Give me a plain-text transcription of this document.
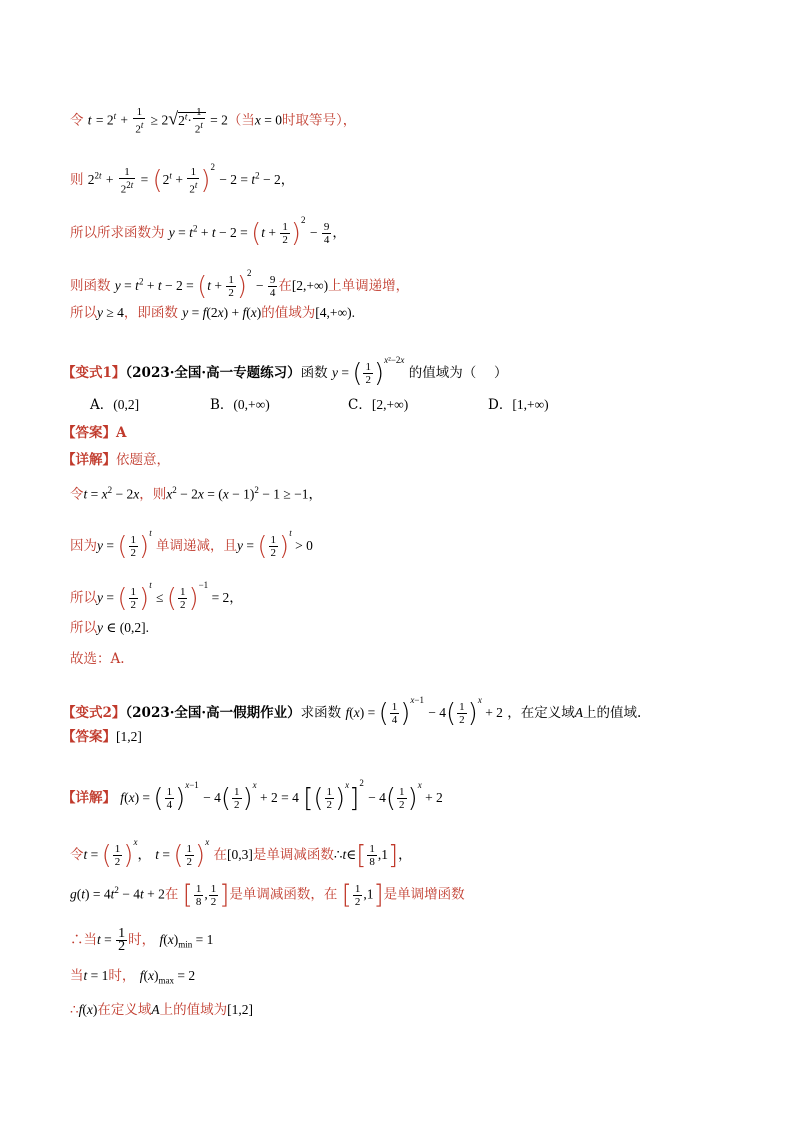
令 $t = 2^t + \frac{1}{2^t} \ge 2√2^t\cdot \frac{1}{2^t} = 2$（当x = 0时取等号），
则 $2^{2t} + \frac{1}{2^{2t}} = (2^t + \frac{1}{2^t} )^2 - 2 = t^2 - 2$，
所以所求函数为 $y = t^2 + t - 2 = (t + \frac{1}{2} )^2 - \frac{9}{4}$ ，
则函数 $y = t^2 + t - 2 = (t + \frac{1}{2} )^2 - \frac{9}{4}$ 在[2,+∞)上单调递增，
所以y ≥ 4，即函数 y = f(2x) + f(x)的值域为[4,+∞).
【变式1】（2023·全国·高一专题练习）函数 y = ( $\frac{1}{2} )^{x^2-2x}$ 的值域为（　 ）
A．(0,2]	B．(0,+∞)	C．[2,+∞)	D．[1,+∞)
【答案】A
【详解】依题意，
令$t = x^2 - 2x$，则$x^2 - 2x = (x - 1)^2 - 1 \ge -1$，
因为y = ( $\frac{1}{2} )^t$ 单调递减，且y = ( $\frac{1}{2} )^t > 0$
所以y = ( $\frac{1}{2} )^t$ ≤ ( $\frac{1}{2} )^{-1} = 2$，
所以y ∈ (0,2].
故选：A.
【变式2】（2023·全国·高一假期作业）求函数 f(x) = ( $\frac{1}{4} )^{x-1} - 4( \frac{1}{2} )^x + 2$ ，在定义域A上的值域.
【答案】[1,2]
【详解】 f(x) = ( $\frac{1}{4} )^{x-1} - 4( \frac{1}{2} )^x + 2 = 4$ [( $\frac{1}{2} )^x]^2 - 4( \frac{1}{2} )^x + 2$
令t = ( $\frac{1}{2} )^x$， t = ( $\frac{1}{2} )^x$ 在[0,3]是单调减函数∴t∈[ $\frac{1}{8} ,1$]，
$g(t) = 4t^2 - 4t + 2$在 [ $\frac{1}{8}$ , $\frac{1}{2}$ ]是单调减函数，在 [ $\frac{1}{2} ,1$]是单调增函数
∴当$t = \frac{1}{2}$ 时， $f(x)_{min} = 1$
当t = 1时， $f(x)_{max} = 2$
∴f(x)在定义域A上的值域为[1,2]
